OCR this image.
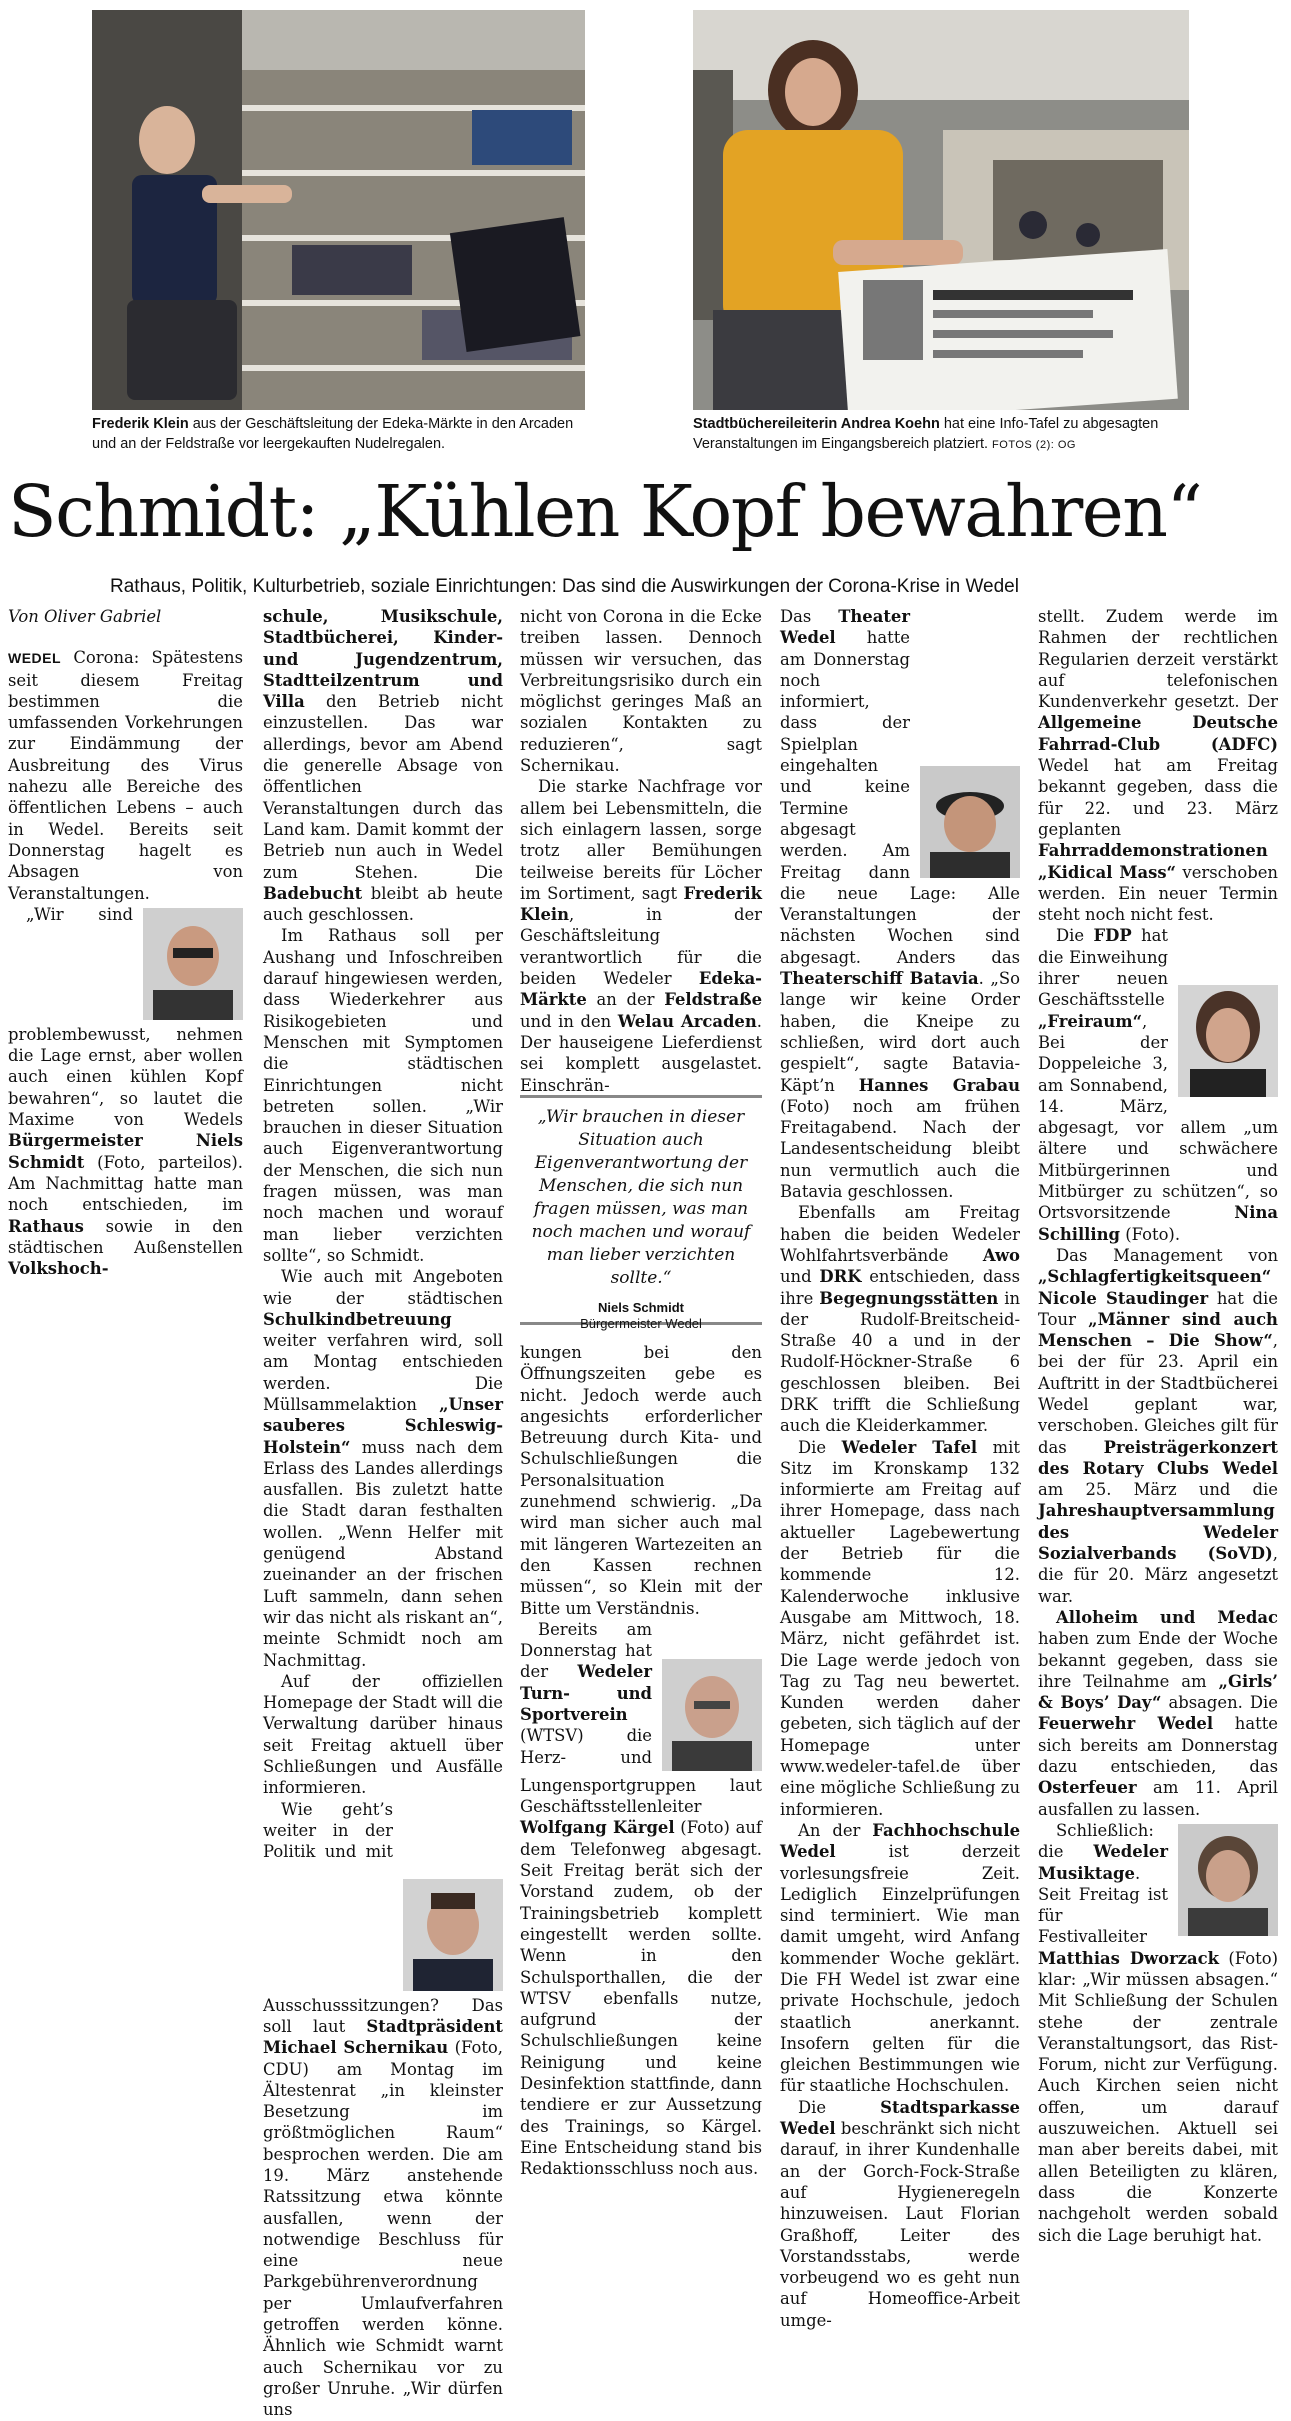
Frederik Klein aus der Geschäftsleitung der Edeka-Märkte in den Arcaden und an der Feldstraße vor leergekauften Nudelregalen.
Stadtbüchereileiterin Andrea Koehn hat eine Info-Tafel zu abgesagten Veranstaltungen im Eingangsbereich platziert. FOTOS (2): OG
Schmidt: „Kühlen Kopf bewahren“
Rathaus, Politik, Kulturbetrieb, soziale Einrichtungen: Das sind die Auswirkungen der Corona-Krise in Wedel

Von Oliver Gabriel

WEDEL Corona: Spätestens seit diesem Freitag bestimmen die umfassenden Vorkehrungen zur Eindämmung der Ausbreitung des Virus nahezu alle Bereiche des öffentlichen Lebens – auch in Wedel. Bereits seit Donnerstag hagelt es Absagen von Veranstaltungen.

„Wir sind problembewusst, nehmen die Lage ernst, aber wollen auch einen kühlen Kopf bewahren“, so lautet die Maxime von Wedels Bürgermeister Niels Schmidt (Foto, parteilos). Am Nachmittag hatte man noch entschieden, im Rathaus sowie in den städtischen Außenstellen Volkshoch-

schule, Musikschule, Stadtbücherei, Kinder- und Jugendzentrum, Stadtteilzentrum und Villa den Betrieb nicht einzustellen. Das war allerdings, bevor am Abend die generelle Absage von öffentlichen Veranstaltungen durch das Land kam. Damit kommt der Betrieb nun auch in Wedel zum Stehen. Die Badebucht bleibt ab heute auch geschlossen.

Im Rathaus soll per Aushang und Infoschreiben darauf hingewiesen werden, dass Wiederkehrer aus Risikogebieten und Menschen mit Symptomen die städtischen Einrichtungen nicht betreten sollen. „Wir brauchen in dieser Situation auch Eigenverantwortung der Menschen, die sich nun fragen müssen, was man noch machen und worauf man lieber verzichten sollte“, so Schmidt.

Wie auch mit Angeboten wie der städtischen Schulkindbetreuung weiter verfahren wird, soll am Montag entschieden werden. Die Müllsammelaktion „Unser sauberes Schleswig-Holstein“ muss nach dem Erlass des Landes allerdings ausfallen. Bis zuletzt hatte die Stadt daran festhalten wollen. „Wenn Helfer mit genügend Abstand zueinander an der frischen Luft sammeln, dann sehen wir das nicht als riskant an“, meinte Schmidt noch am Nachmittag.

Auf der offiziellen Homepage der Stadt will die Verwaltung darüber hinaus seit Freitag aktuell über Schließungen und Ausfälle informieren.

Wie geht’s weiter in der Politik und mit Ausschusssitzungen? Das soll laut Stadtpräsident Michael Schernikau (Foto, CDU) am Montag im Ältestenrat „in kleinster Besetzung im größtmöglichen Raum“ besprochen werden. Die am 19. März anstehende Ratssitzung etwa könnte ausfallen, wenn der notwendige Beschluss für eine neue Parkgebührenverordnung per Umlaufverfahren getroffen werden könne. Ähnlich wie Schmidt warnt auch Schernikau vor zu großer Unruhe. „Wir dürfen uns

nicht von Corona in die Ecke treiben lassen. Dennoch müssen wir versuchen, das Verbreitungsrisiko durch ein möglichst geringes Maß an sozialen Kontakten zu reduzieren“, sagt Schernikau.

Die starke Nachfrage vor allem bei Lebensmitteln, die sich einlagern lassen, sorge trotz aller Bemühungen teilweise bereits für Löcher im Sortiment, sagt Frederik Klein, in der Geschäftsleitung verantwortlich für die beiden Wedeler Edeka-Märkte an der Feldstraße und in den Welau Arcaden. Der hauseigene Lieferdienst sei komplett ausgelastet. Einschrän-

„Wir brauchen in dieser Situation auch Eigenverantwortung der Menschen, die sich nun fragen müssen, was man noch machen und worauf man lieber verzichten sollte.“
Niels Schmidt
Bürgermeister Wedel

kungen bei den Öffnungszeiten gebe es nicht. Jedoch werde auch angesichts erforderlicher Betreuung durch Kita- und Schulschließungen die Personalsituation zunehmend schwierig. „Da wird man sicher auch mal mit längeren Wartezeiten an den Kassen rechnen müssen“, so Klein mit der Bitte um Verständnis.

Bereits am Donnerstag hat der Wedeler Turn- und Sportverein (WTSV) die Herz- und Lungensportgruppen laut Geschäftsstellenleiter Wolfgang Kärgel (Foto) auf dem Telefonweg abgesagt. Seit Freitag berät sich der Vorstand zudem, ob der Trainingsbetrieb komplett eingestellt werden sollte. Wenn in den Schulsporthallen, die der WTSV ebenfalls nutze, aufgrund der Schulschließungen keine Reinigung und keine Desinfektion stattfinde, dann tendiere er zur Aussetzung des Trainings, so Kärgel. Eine Entscheidung stand bis Redaktionsschluss noch aus.

Das Theater Wedel hatte am Donnerstag noch informiert, dass der Spielplan eingehalten und keine Termine abgesagt werden. Am Freitag dann die neue Lage: Alle Veranstaltungen der nächsten Wochen sind abgesagt. Anders das Theaterschiff Batavia. „So lange wir keine Order haben, die Kneipe zu schließen, wird dort auch gespielt“, sagte Batavia-Käpt’n Hannes Grabau (Foto) noch am frühen Freitagabend. Nach der Landesentscheidung bleibt nun vermutlich auch die Batavia geschlossen.

Ebenfalls am Freitag haben die beiden Wedeler Wohlfahrtsverbände Awo und DRK entschieden, dass ihre Begegnungsstätten in der Rudolf-Breitscheid-Straße 40 a und in der Rudolf-Höckner-Straße 6 geschlossen bleiben. Bei DRK trifft die Schließung auch die Kleiderkammer.

Die Wedeler Tafel mit Sitz im Kronskamp 132 informierte am Freitag auf ihrer Homepage, dass nach aktueller Lagebewertung der Betrieb für die kommende 12. Kalenderwoche inklusive Ausgabe am Mittwoch, 18. März, nicht gefährdet ist. Die Lage werde jedoch von Tag zu Tag neu bewertet. Kunden werden daher gebeten, sich täglich auf der Homepage unter www.wedeler-tafel.de über eine mögliche Schließung zu informieren.

An der Fachhochschule Wedel ist derzeit vorlesungsfreie Zeit. Lediglich Einzelprüfungen sind terminiert. Wie man damit umgeht, wird Anfang kommender Woche geklärt. Die FH Wedel ist zwar eine private Hochschule, jedoch staatlich anerkannt. Insofern gelten für die gleichen Bestimmungen wie für staatliche Hochschulen.

Die Stadtsparkasse Wedel beschränkt sich nicht darauf, in ihrer Kundenhalle an der Gorch-Fock-Straße auf Hygieneregeln hinzuweisen. Laut Florian Graßhoff, Leiter des Vorstandsstabs, werde vorbeugend wo es geht nun auf Homeoffice-Arbeit umge-

stellt. Zudem werde im Rahmen der rechtlichen Regularien derzeit verstärkt auf telefonischen Kundenverkehr gesetzt. Der Allgemeine Deutsche Fahrrad-Club (ADFC) Wedel hat am Freitag bekannt gegeben, dass die für 22. und 23. März geplanten Fahrraddemonstrationen „Kidical Mass“ verschoben werden. Ein neuer Termin steht noch nicht fest.

Die FDP hat die Einweihung ihrer neuen Geschäftsstelle „Freiraum“, Bei der Doppeleiche 3, am Sonnabend, 14. März, abgesagt, vor allem „um ältere und schwächere Mitbürgerinnen und Mitbürger zu schützen“, so Ortsvorsitzende Nina Schilling (Foto).

Das Management von „Schlagfertigkeitsqueen“ Nicole Staudinger hat die Tour „Männer sind auch Menschen – Die Show“, bei der für 23. April ein Auftritt in der Stadtbücherei Wedel geplant war, verschoben. Gleiches gilt für das Preisträgerkonzert des Rotary Clubs Wedel am 25. März und die Jahreshauptversammlung des Wedeler Sozialverbands (SoVD), die für 20. März angesetzt war.

Alloheim und Medac haben zum Ende der Woche bekannt gegeben, dass sie ihre Teilnahme am „Girls’ & Boys’ Day“ absagen. Die Feuerwehr Wedel hatte sich bereits am Donnerstag dazu entschieden, das Osterfeuer am 11. April ausfallen zu lassen.

Schließlich: die Wedeler Musiktage. Seit Freitag ist für Festivalleiter Matthias Dworzack (Foto) klar: „Wir müssen absagen.“ Mit Schließung der Schulen stehe der zentrale Veranstaltungsort, das Rist-Forum, nicht zur Verfügung. Auch Kirchen seien nicht offen, um darauf auszuweichen. Aktuell sei man aber bereits dabei, mit allen Beteiligten zu klären, dass die Konzerte nachgeholt werden sobald sich die Lage beruhigt hat.
